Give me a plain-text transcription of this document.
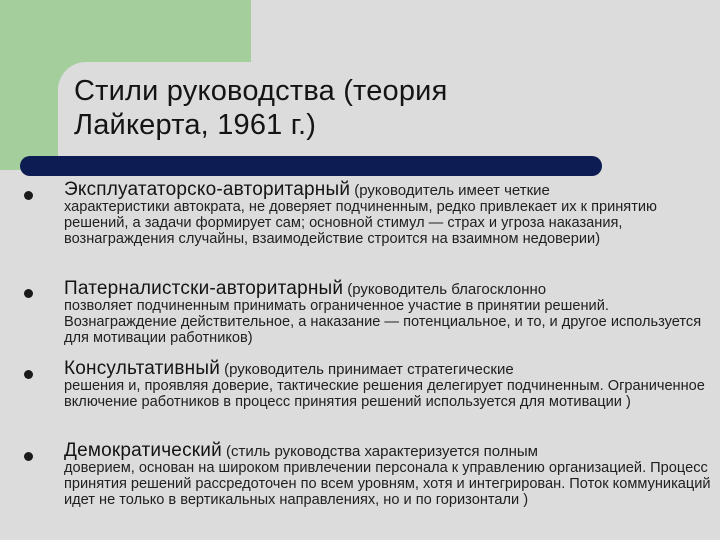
Стили руководства (теория
Лайкерта, 1961 г.)

Эксплуататорско-авторитарный (руководитель имеет четкие
характеристики автократа, не доверяет подчиненным, редко привлекает их к принятию решений, а задачи формирует сам; основной стимул — страх и угроза наказания, вознаграждения случайны, взаимодействие строится на взаимном недоверии)

Патерналистски-авторитарный (руководитель благосклонно
позволяет подчиненным принимать ограниченное участие в принятии решений. Вознаграждение действительное, а наказание — потенциальное, и то, и другое используется для мотивации работников)

Консультативный (руководитель принимает стратегические
решения и, проявляя доверие, тактические решения делегирует подчиненным. Ограниченное включение работников в процесс принятия решений используется для мотивации )

Демократический (стиль руководства характеризуется полным
доверием, основан на широком привлечении персонала к управлению организацией. Процесс принятия решений рассредоточен по всем уровням, хотя и интегрирован. Поток коммуникаций идет не только в вертикальных направлениях, но и по горизонтали )
